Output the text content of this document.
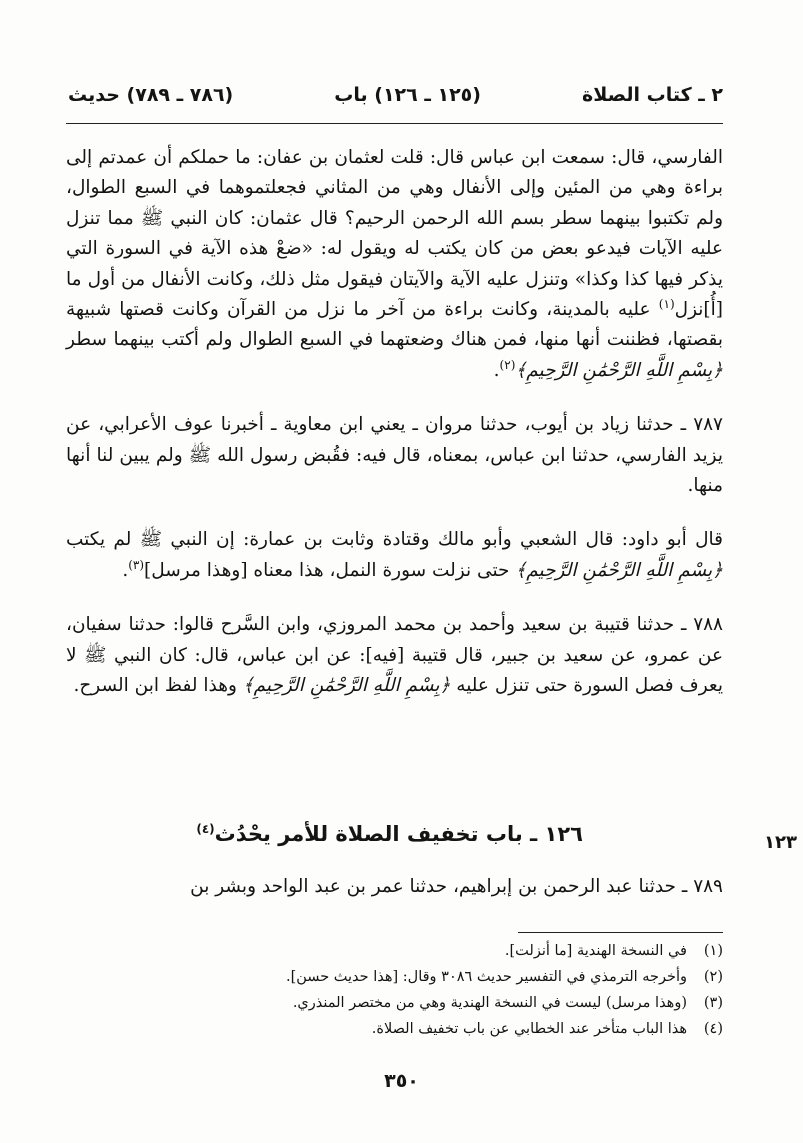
(٧٨٦ ـ ٧٨٩) حديث	(١٢٥ ـ ١٢٦) باب	٢ ـ كتاب الصلاة

الفارسي، قال: سمعت ابن عباس قال: قلت لعثمان بن عفان: ما حملكم أن عمدتم إلى براءة وهي من المئين وإلى الأنفال وهي من المثاني فجعلتموهما في السبع الطوال، ولم تكتبوا بينهما سطر بسم الله الرحمن الرحيم؟ قال عثمان: كان النبي ﷺ مما تنزل عليه الآيات فيدعو بعض من كان يكتب له ويقول له: «ضعْ هذه الآية في السورة التي يذكر فيها كذا وكذا» وتنزل عليه الآية والآيتان فيقول مثل ذلك، وكانت الأنفال من أول ما [أُ]نزل$^{(١)}$ عليه بالمدينة، وكانت براءة من آخر ما نزل من القرآن وكانت قصتها شبيهة بقصتها، فظننت أنها منها، فمن هناك وضعتهما في السبع الطوال ولم أكتب بينهما سطر ﴿بِسْمِ اللَّهِ الرَّحْمَٰنِ الرَّحِيمِ﴾$^{(٢)}$.

٧٨٧ ـ حدثنا زياد بن أيوب، حدثنا مروان ـ يعني ابن معاوية ـ أخبرنا عوف الأعرابي، عن يزيد الفارسي، حدثنا ابن عباس، بمعناه، قال فيه: فقُبض رسول الله ﷺ ولم يبين لنا أنها منها.

قال أبو داود: قال الشعبي وأبو مالك وقتادة وثابت بن عمارة: إن النبي ﷺ لم يكتب ﴿بِسْمِ اللَّهِ الرَّحْمَٰنِ الرَّحِيمِ﴾ حتى نزلت سورة النمل، هذا معناه [وهذا مرسل]$^{(٣)}$.

٧٨٨ ـ حدثنا قتيبة بن سعيد وأحمد بن محمد المروزي، وابن السَّرح قالوا: حدثنا سفيان، عن عمرو، عن سعيد بن جبير، قال قتيبة [فيه]: عن ابن عباس، قال: كان النبي ﷺ لا يعرف فصل السورة حتى تنزل عليه ﴿بِسْمِ اللَّهِ الرَّحْمَٰنِ الرَّحِيمِ﴾ وهذا لفظ ابن السرح.

١٢٣
١٢٦ ـ باب تخفيف الصلاة للأمر يحْدُث$^{(٤)}$

٧٨٩ ـ حدثنا عبد الرحمن بن إبراهيم، حدثنا عمر بن عبد الواحد وبشر بن

(١)
في النسخة الهندية [ما أنزلت].
(٢)
وأخرجه الترمذي في التفسير حديث ٣٠٨٦ وقال: [هذا حديث حسن].
(٣)
(وهذا مرسل) ليست في النسخة الهندية وهي من مختصر المنذري.
(٤)
هذا الباب متأخر عند الخطابي عن باب تخفيف الصلاة.
٣٥٠
